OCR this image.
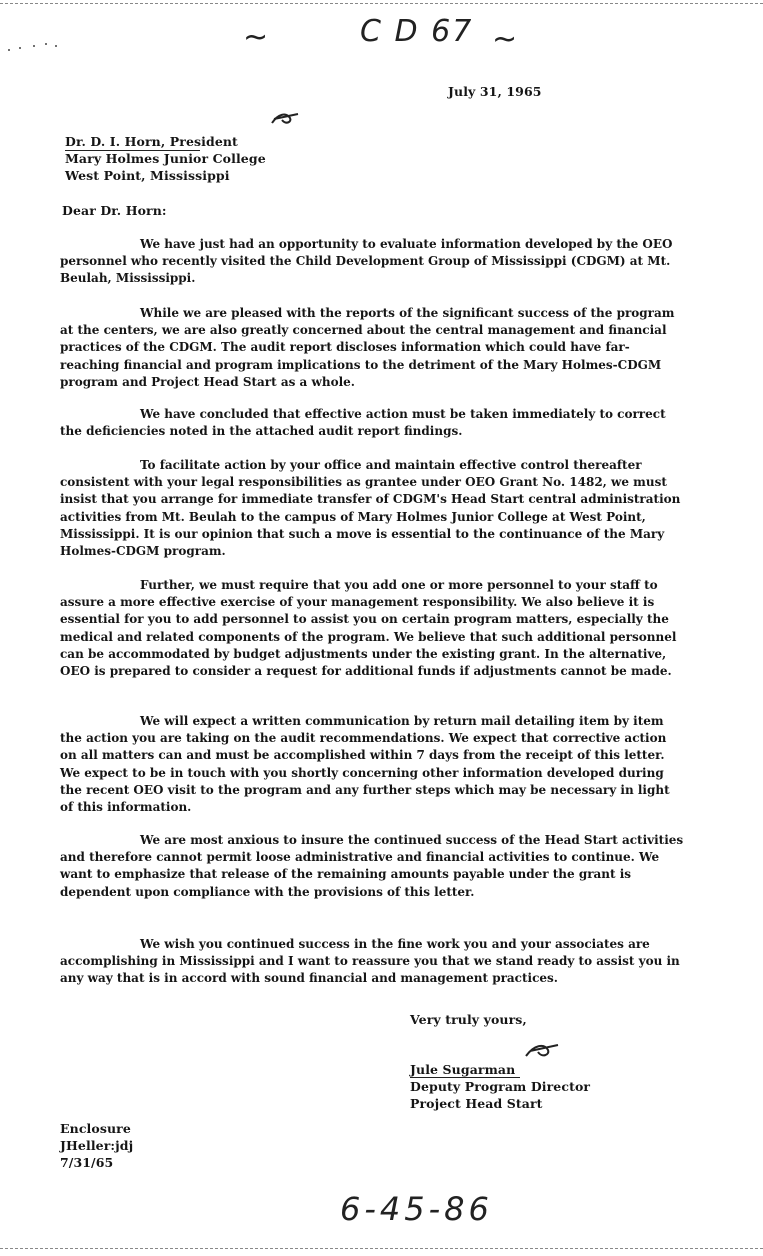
~	C D 67 ~
July 31, 1965
Dr. D. I. Horn, President
Mary Holmes Junior College
West Point, Mississippi
Dear Dr. Horn:
We have just had an opportunity to evaluate information developed by the OEO personnel who recently visited the Child Development Group of Mississippi (CDGM) at Mt. Beulah, Mississippi.
While we are pleased with the reports of the significant success of the program at the centers, we are also greatly concerned about the central management and financial practices of the CDGM. The audit report discloses information which could have far-reaching financial and program implications to the detriment of the Mary Holmes-CDGM program and Project Head Start as a whole.
We have concluded that effective action must be taken immediately to correct the deficiencies noted in the attached audit report findings.
To facilitate action by your office and maintain effective control thereafter consistent with your legal responsibilities as grantee under OEO Grant No. 1482, we must insist that you arrange for immediate transfer of CDGM's Head Start central administration activities from Mt. Beulah to the campus of Mary Holmes Junior College at West Point, Mississippi. It is our opinion that such a move is essential to the continuance of the Mary Holmes-CDGM program.
Further, we must require that you add one or more personnel to your staff to assure a more effective exercise of your management responsibility. We also believe it is essential for you to add personnel to assist you on certain program matters, especially the medical and related components of the program. We believe that such additional personnel can be accommodated by budget adjustments under the existing grant. In the alternative, OEO is prepared to consider a request for additional funds if adjustments cannot be made.
We will expect a written communication by return mail detailing item by item the action you are taking on the audit recommendations. We expect that corrective action on all matters can and must be accomplished within 7 days from the receipt of this letter. We expect to be in touch with you shortly concerning other information developed during the recent OEO visit to the program and any further steps which may be necessary in light of this information.
We are most anxious to insure the continued success of the Head Start activities and therefore cannot permit loose administrative and financial activities to continue. We want to emphasize that release of the remaining amounts payable under the grant is dependent upon compliance with the provisions of this letter.
We wish you continued success in the fine work you and your associates are accomplishing in Mississippi and I want to reassure you that we stand ready to assist you in any way that is in accord with sound financial and management practices.
Very truly yours,
Jule Sugarman
Deputy Program Director
Project Head Start
Enclosure
JHeller:jdj
7/31/65
6-45-86
